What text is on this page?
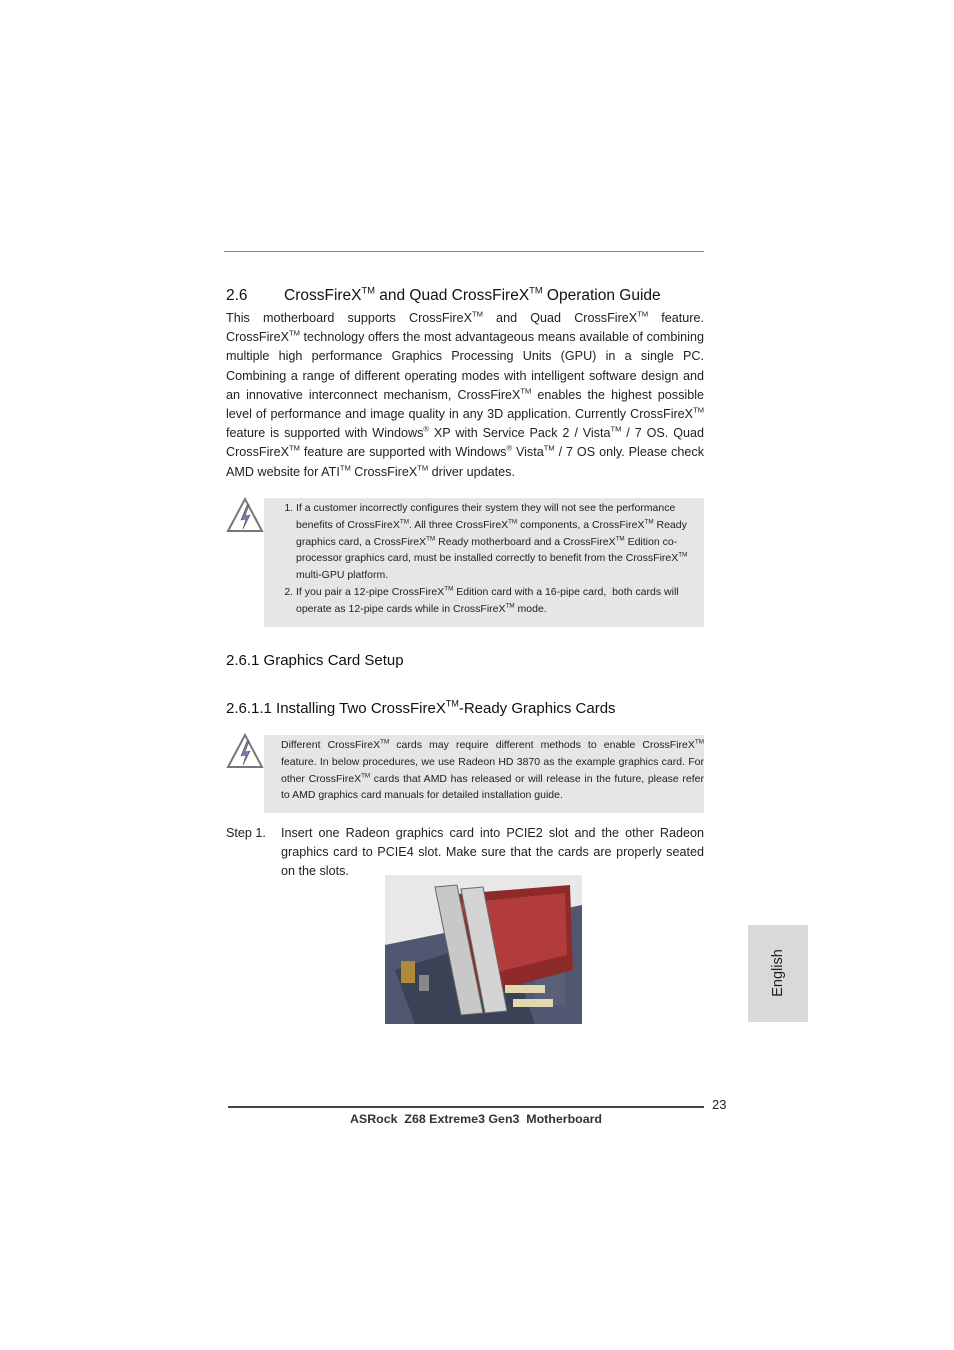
2.6 CrossFireX™ and Quad CrossFireX™ Operation Guide

This motherboard supports CrossFireX™ and Quad CrossFireX™ feature. CrossFireX™ technology offers the most advantageous means available of combining multiple high performance Graphics Processing Units (GPU) in a single PC. Combining a range of different operating modes with intelligent software design and an innovative interconnect mechanism, CrossFireX™ enables the highest possible level of performance and image quality in any 3D application. Currently CrossFireX™ feature is supported with Windows® XP with Service Pack 2 / Vista™ / 7 OS. Quad CrossFireX™ feature are supported with Windows® Vista™ / 7 OS only. Please check AMD website for ATI™ CrossFireX™ driver updates.

1. If a customer incorrectly configures their system they will not see the performance benefits of CrossFireX™. All three CrossFireX™ components, a CrossFireX™ Ready graphics card, a CrossFireX™ Ready motherboard and a CrossFireX™ Edition co-processor graphics card, must be installed correctly to benefit from the CrossFireX™ multi-GPU platform.
2. If you pair a 12-pipe CrossFireX™ Edition card with a 16-pipe card,  both cards will operate as 12-pipe cards while in CrossFireX™ mode.
2.6.1 Graphics Card Setup
2.6.1.1 Installing Two CrossFireX™-Ready Graphics Cards

Different CrossFireX™ cards may require different methods to enable CrossFireX™ feature. In below procedures, we use Radeon HD 3870 as the example graphics card. For other CrossFireX™ cards that AMD has released or will release in the future, please refer to AMD graphics card manuals for detailed installation guide.

Step 1. Insert one Radeon graphics card into PCIE2 slot and the other Radeon graphics card to PCIE4 slot. Make sure that the cards are properly seated on the slots.
English
23
ASRock  Z68 Extreme3 Gen3  Motherboard
